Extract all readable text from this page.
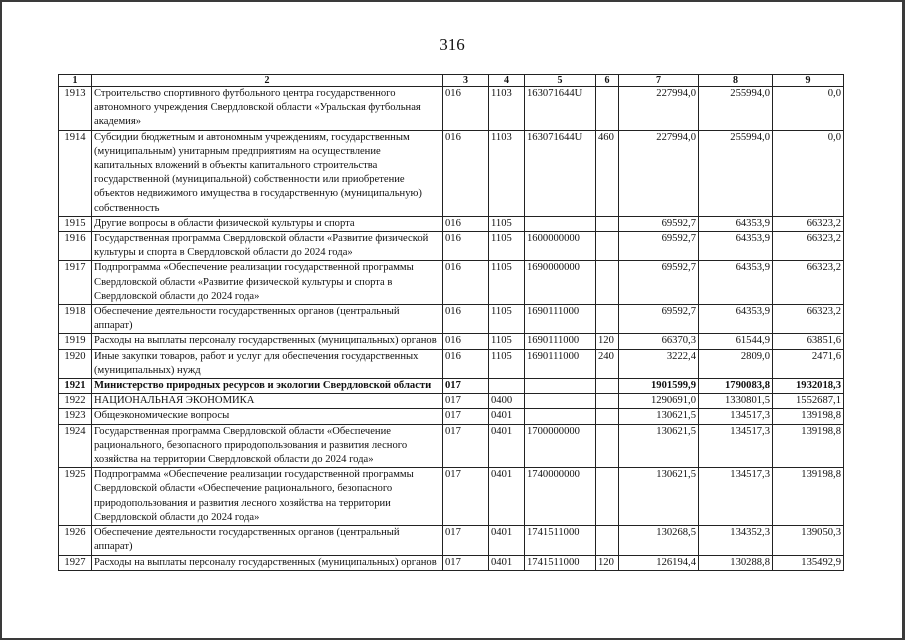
316
1	2	3	4	5	6	7	8	9
1913	Строительство спортивного футбольного центра государственного автономного учреждения Свердловской области «Уральская футбольная академия»	016	1103	163071644U		227994,0	255994,0	0,0
1914	Субсидии бюджетным и автономным учреждениям, государственным (муниципальным) унитарным предприятиям на осуществление капитальных вложений в объекты капитального строительства государственной (муниципальной) собственности или приобретение объектов недвижимого имущества в государственную (муниципальную) собственность	016	1103	163071644U	460	227994,0	255994,0	0,0
1915	Другие вопросы в области физической культуры и спорта	016	1105			69592,7	64353,9	66323,2
1916	Государственная программа Свердловской области «Развитие физической культуры и спорта в Свердловской области до 2024 года»	016	1105	1600000000		69592,7	64353,9	66323,2
1917	Подпрограмма «Обеспечение реализации государственной программы Свердловской области «Развитие физической культуры и спорта в Свердловской области до 2024 года»	016	1105	1690000000		69592,7	64353,9	66323,2
1918	Обеспечение деятельности государственных органов (центральный аппарат)	016	1105	1690111000		69592,7	64353,9	66323,2
1919	Расходы на выплаты персоналу государственных (муниципальных) органов	016	1105	1690111000	120	66370,3	61544,9	63851,6
1920	Иные закупки товаров, работ и услуг для обеспечения государственных (муниципальных) нужд	016	1105	1690111000	240	3222,4	2809,0	2471,6
1921	Министерство природных ресурсов и экологии Свердловской области	017				1901599,9	1790083,8	1932018,3
1922	НАЦИОНАЛЬНАЯ ЭКОНОМИКА	017	0400			1290691,0	1330801,5	1552687,1
1923	Общеэкономические вопросы	017	0401			130621,5	134517,3	139198,8
1924	Государственная программа Свердловской области «Обеспечение рационального, безопасного природопользования и развития лесного хозяйства на территории Свердловской области до 2024 года»	017	0401	1700000000		130621,5	134517,3	139198,8
1925	Подпрограмма «Обеспечение реализации государственной программы Свердловской области «Обеспечение рационального, безопасного природопользования и развития лесного хозяйства на территории Свердловской области до 2024 года»	017	0401	1740000000		130621,5	134517,3	139198,8
1926	Обеспечение деятельности государственных органов (центральный аппарат)	017	0401	1741511000		130268,5	134352,3	139050,3
1927	Расходы на выплаты персоналу государственных (муниципальных) органов	017	0401	1741511000	120	126194,4	130288,8	135492,9
